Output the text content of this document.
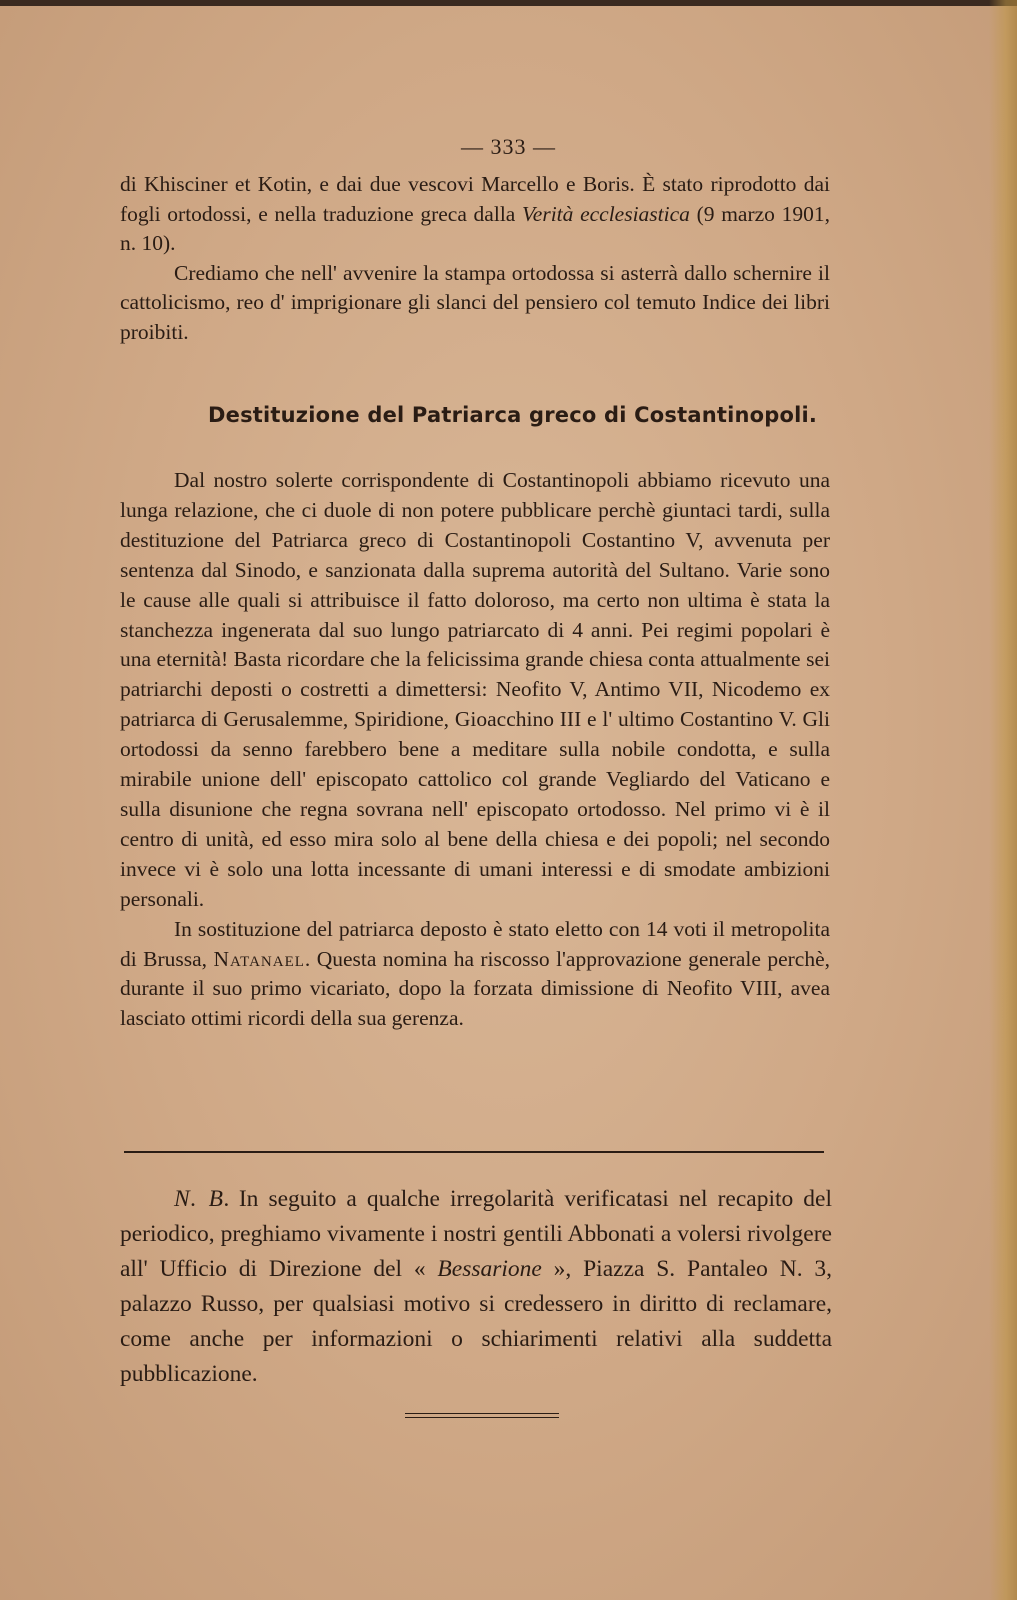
— 333 —

di Khisciner et Kotin, e dai due vescovi Marcello e Boris. È stato riprodotto dai fogli ortodossi, e nella traduzione greca dalla Verità ecclesiastica (9 marzo 1901, n. 10).

Crediamo che nell' avvenire la stampa ortodossa si asterrà dallo schernire il cattolicismo, reo d' imprigionare gli slanci del pensiero col temuto Indice dei libri proibiti.

Destituzione del Patriarca greco di Costantinopoli.

Dal nostro solerte corrispondente di Costantinopoli abbiamo ricevuto una lunga relazione, che ci duole di non potere pubblicare perchè giuntaci tardi, sulla destituzione del Patriarca greco di Costantinopoli Costantino V, avvenuta per sentenza dal Sinodo, e sanzionata dalla suprema autorità del Sultano. Varie sono le cause alle quali si attribuisce il fatto doloroso, ma certo non ultima è stata la stanchezza ingenerata dal suo lungo patriarcato di 4 anni. Pei regimi popolari è una eternità! Basta ricordare che la felicissima grande chiesa conta attualmente sei patriarchi deposti o costretti a dimettersi: Neofito V, Antimo VII, Nicodemo ex patriarca di Gerusalemme, Spiridione, Gioacchino III e l' ultimo Costantino V. Gli ortodossi da senno farebbero bene a meditare sulla nobile condotta, e sulla mirabile unione dell' episcopato cattolico col grande Vegliardo del Vaticano e sulla disunione che regna sovrana nell' episcopato ortodosso. Nel primo vi è il centro di unità, ed esso mira solo al bene della chiesa e dei popoli; nel secondo invece vi è solo una lotta incessante di umani interessi e di smodate ambizioni personali.

In sostituzione del patriarca deposto è stato eletto con 14 voti il metropolita di Brussa, Natanael. Questa nomina ha riscosso l'approvazione generale perchè, durante il suo primo vicariato, dopo la forzata dimissione di Neofito VIII, avea lasciato ottimi ricordi della sua gerenza.

N. B. In seguito a qualche irregolarità verificatasi nel recapito del periodico, preghiamo vivamente i nostri gentili Abbonati a volersi rivolgere all' Ufficio di Direzione del « Bessarione », Piazza S. Pantaleo N. 3, palazzo Russo, per qualsiasi motivo si credessero in diritto di reclamare, come anche per informazioni o schiarimenti relativi alla suddetta pubblicazione.
